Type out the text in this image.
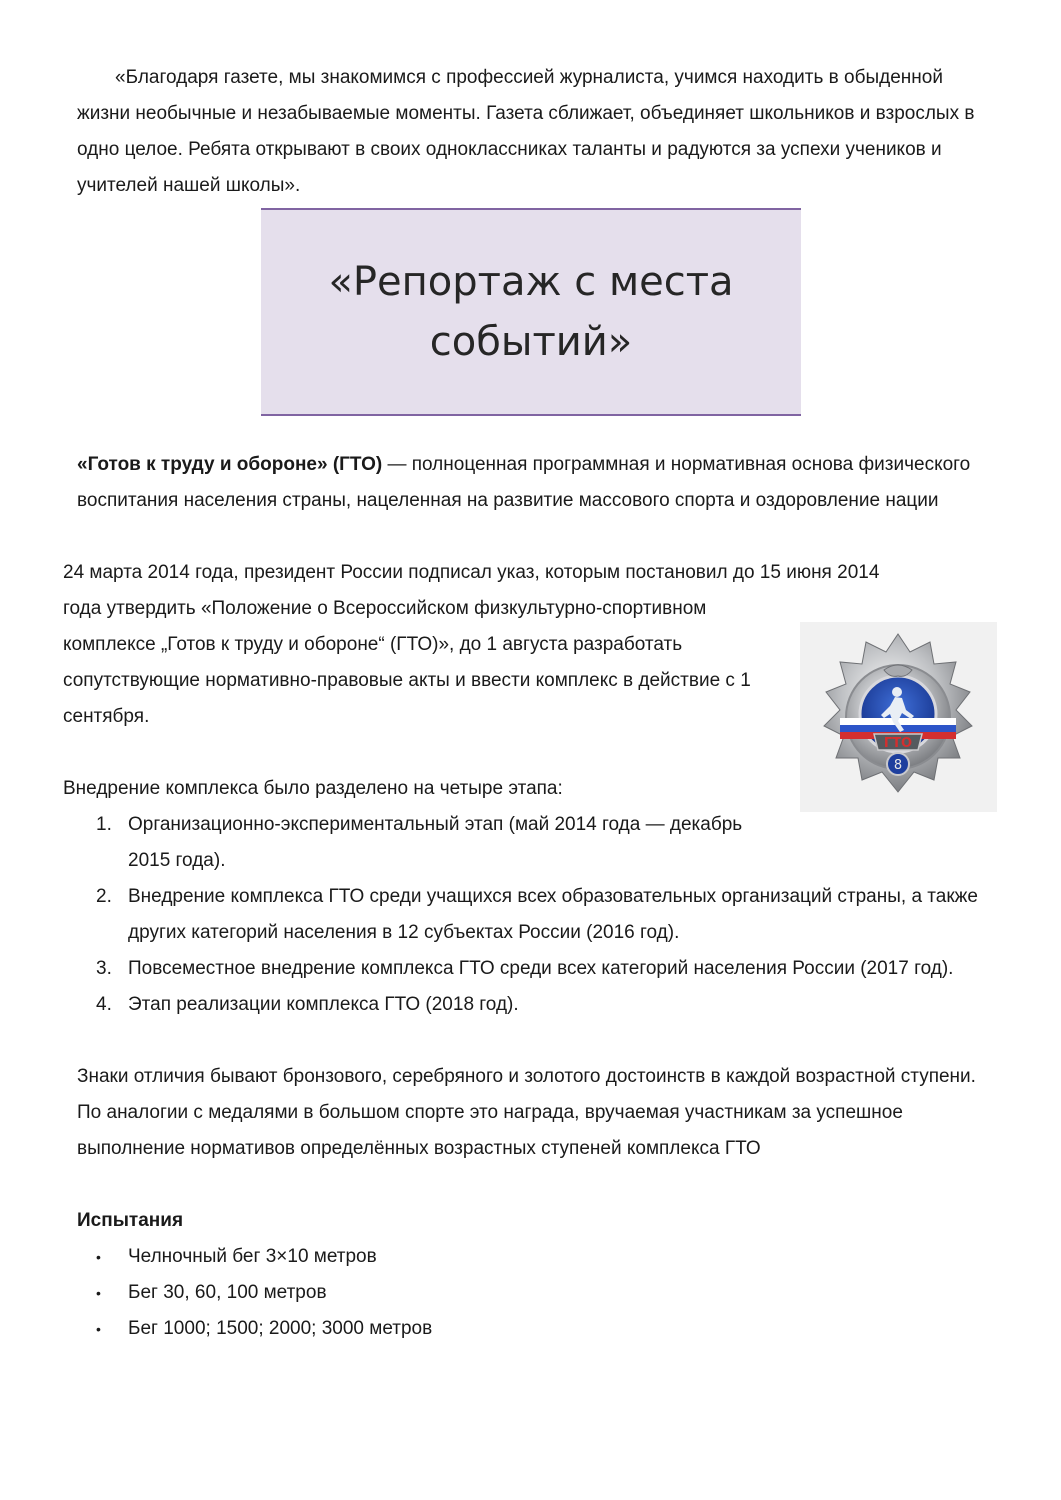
«Благодаря газете, мы знакомимся с профессией журналиста, учимся находить в обыденной жизни необычные и незабываемые моменты. Газета сближает, объединяет школьников и взрослых в одно целое. Ребята открывают в своих одноклассниках таланты и радуются за успехи учеников и учителей нашей школы».

«Репортаж с места событий»

«Готов к труду и обороне» (ГТО) — полноценная программная и нормативная основа физического воспитания населения страны, нацеленная на развитие массового спорта и оздоровление нации

24 марта 2014 года, президент России подписал указ, которым постановил до 15 июня 2014
года утвердить «Положение о Всероссийском физкультурно-спортивном комплексе „Готов к труду и обороне“ (ГТО)», до 1 августа разработать сопутствующие нормативно-правовые акты и ввести комплекс в действие с 1 сентября.

ГТО
8

Внедрение комплекса было разделено на четыре этапа:

1. Организационно-экспериментальный этап (май 2014 года — декабрь 2015 года).
2. Внедрение комплекса ГТО среди учащихся всех образовательных организаций страны, а также других категорий населения в 12 субъектах России (2016 год).
3. Повсеместное внедрение комплекса ГТО среди всех категорий населения России (2017 год).
4. Этап реализации комплекса ГТО (2018 год).

Знаки отличия бывают бронзового, серебряного и золотого достоинств в каждой возрастной ступени. По аналогии с медалями в большом спорте это награда, вручаемая участникам за успешное выполнение нормативов определённых возрастных ступеней комплекса ГТО

Испытания

• Челночный бег 3×10 метров
• Бег 30, 60, 100 метров
• Бег 1000; 1500; 2000; 3000 метров
